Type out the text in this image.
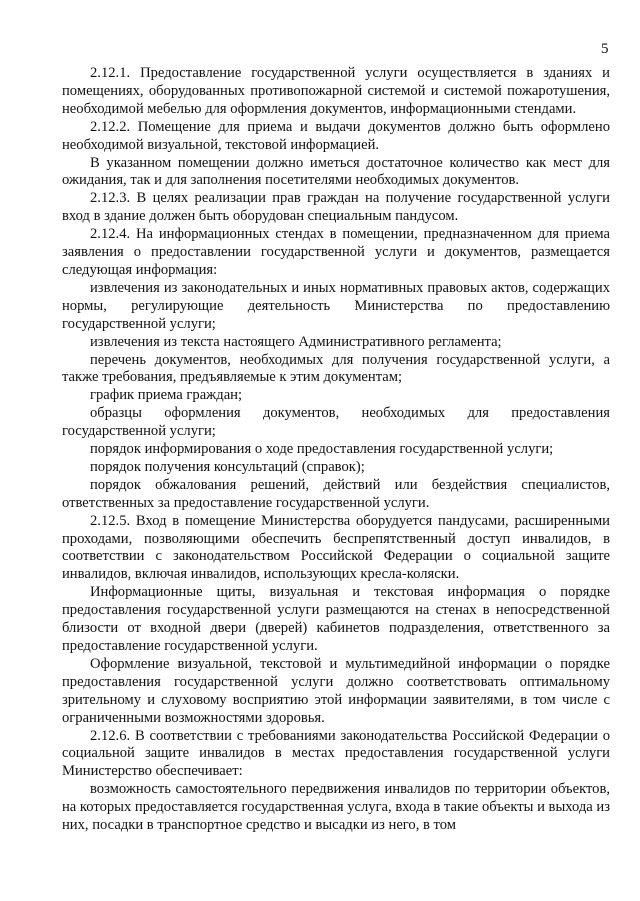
5

2.12.1. Предоставление государственной услуги осуществляется в зданиях и помещениях, оборудованных противопожарной системой и системой пожаротушения, необходимой мебелью для оформления документов, информационными стендами.

2.12.2. Помещение для приема и выдачи документов должно быть оформлено необходимой визуальной, текстовой информацией.

В указанном помещении должно иметься достаточное количество как мест для ожидания, так и для заполнения посетителями необходимых документов.

2.12.3. В целях реализации прав граждан на получение государственной услуги вход в здание должен быть оборудован специальным пандусом.

2.12.4. На информационных стендах в помещении, предназначенном для приема заявления о предоставлении государственной услуги и документов, размещается следующая информация:

извлечения из законодательных и иных нормативных правовых актов, содержащих нормы, регулирующие деятельность Министерства по предоставлению государственной услуги;

извлечения из текста настоящего Административного регламента;

перечень документов, необходимых для получения государственной услуги, а также требования, предъявляемые к этим документам;

график приема граждан;

образцы оформления документов, необходимых для предоставления государственной услуги;

порядок информирования о ходе предоставления государственной услуги;

порядок получения консультаций (справок);

порядок обжалования решений, действий или бездействия специалистов, ответственных за предоставление государственной услуги.

2.12.5. Вход в помещение Министерства оборудуется пандусами, расширенными проходами, позволяющими обеспечить беспрепятственный доступ инвалидов, в соответствии с законодательством Российской Федерации о социальной защите инвалидов, включая инвалидов, использующих кресла-коляски.

Информационные щиты, визуальная и текстовая информация о порядке предоставления государственной услуги размещаются на стенах в непосредственной близости от входной двери (дверей) кабинетов подразделения, ответственного за предоставление государственной услуги.

Оформление визуальной, текстовой и мультимедийной информации о порядке предоставления государственной услуги должно соответствовать оптимальному зрительному и слуховому восприятию этой информации заявителями, в том числе с ограниченными возможностями здоровья.

2.12.6. В соответствии с требованиями законодательства Российской Федерации о социальной защите инвалидов в местах предоставления государственной услуги Министерство обеспечивает:

возможность самостоятельного передвижения инвалидов по территории объектов, на которых предоставляется государственная услуга, входа в такие объекты и выхода из них, посадки в транспортное средство и высадки из него, в том
